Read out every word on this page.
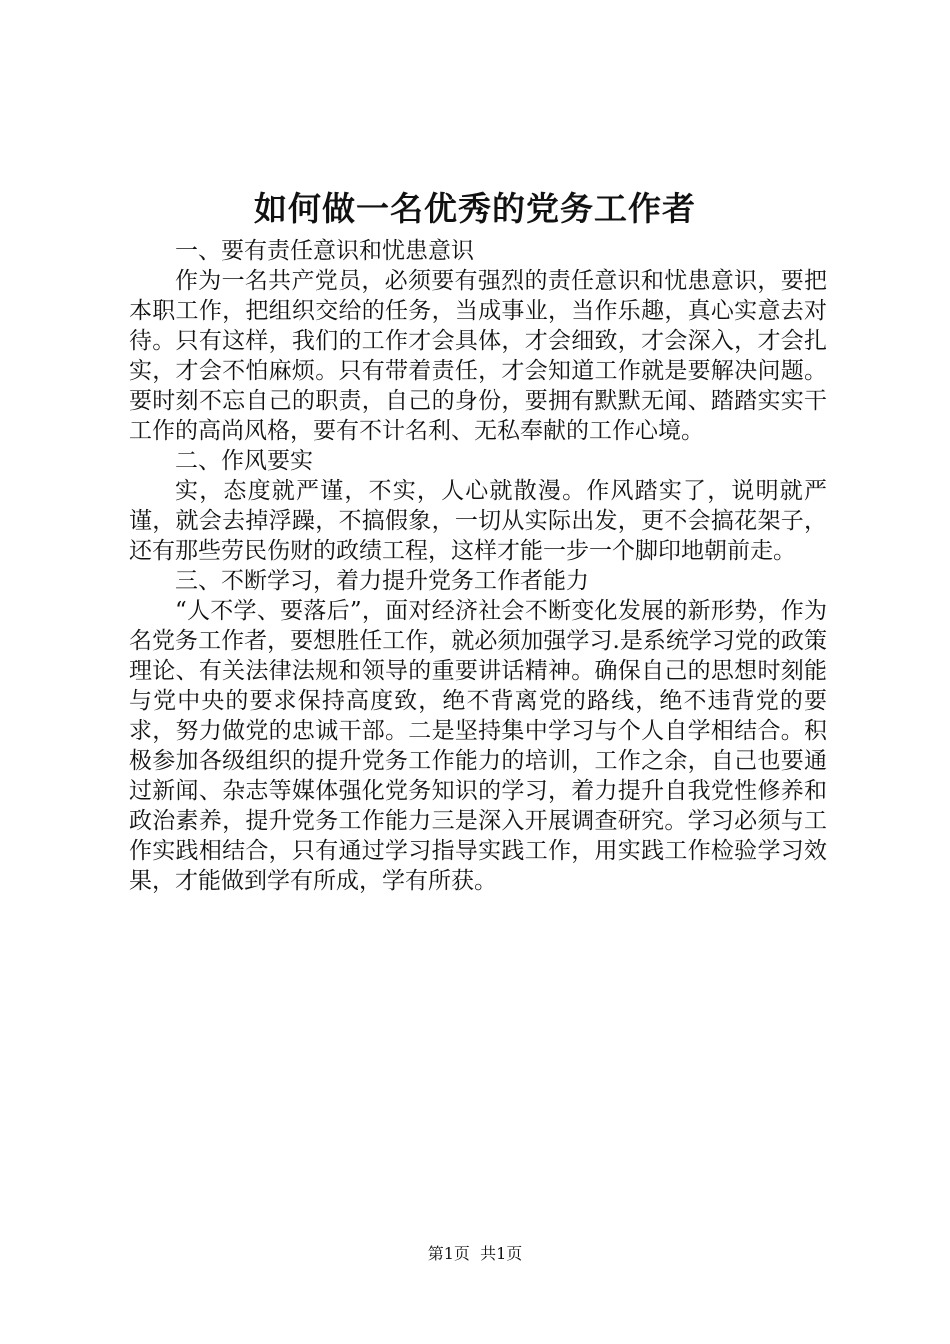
如何做一名优秀的党务工作者

一、要有责任意识和忧患意识

作为一名共产党员，必须要有强烈的责任意识和忧患意识，要把本职工作，把组织交给的任务，当成事业，当作乐趣，真心实意去对待。只有这样，我们的工作才会具体，才会细致，才会深入，才会扎实，才会不怕麻烦。只有带着责任，才会知道工作就是要解决问题。要时刻不忘自己的职责，自己的身份，要拥有默默无闻、踏踏实实干工作的高尚风格，要有不计名利、无私奉献的工作心境。

二、作风要实

实，态度就严谨，不实，人心就散漫。作风踏实了，说明就严谨，就会去掉浮躁，不搞假象，一切从实际出发，更不会搞花架子，还有那些劳民伤财的政绩工程，这样才能一步一个脚印地朝前走。

三、不断学习，着力提升党务工作者能力

“人不学、要落后”，面对经济社会不断变化发展的新形势，作为名党务工作者，要想胜任工作，就必须加强学习.是系统学习党的政策理论、有关法律法规和领导的重要讲话精神。确保自己的思想时刻能与党中央的要求保持高度致，绝不背离党的路线，绝不违背党的要求，努力做党的忠诚干部。二是坚持集中学习与个人自学相结合。积极参加各级组织的提升党务工作能力的培训，工作之余，自己也要通过新闻、杂志等媒体强化党务知识的学习，着力提升自我党性修养和政治素养，提升党务工作能力三是深入开展调查研究。学习必须与工作实践相结合，只有通过学习指导实践工作，用实践工作检验学习效果，才能做到学有所成，学有所获。

第1页 共1页
